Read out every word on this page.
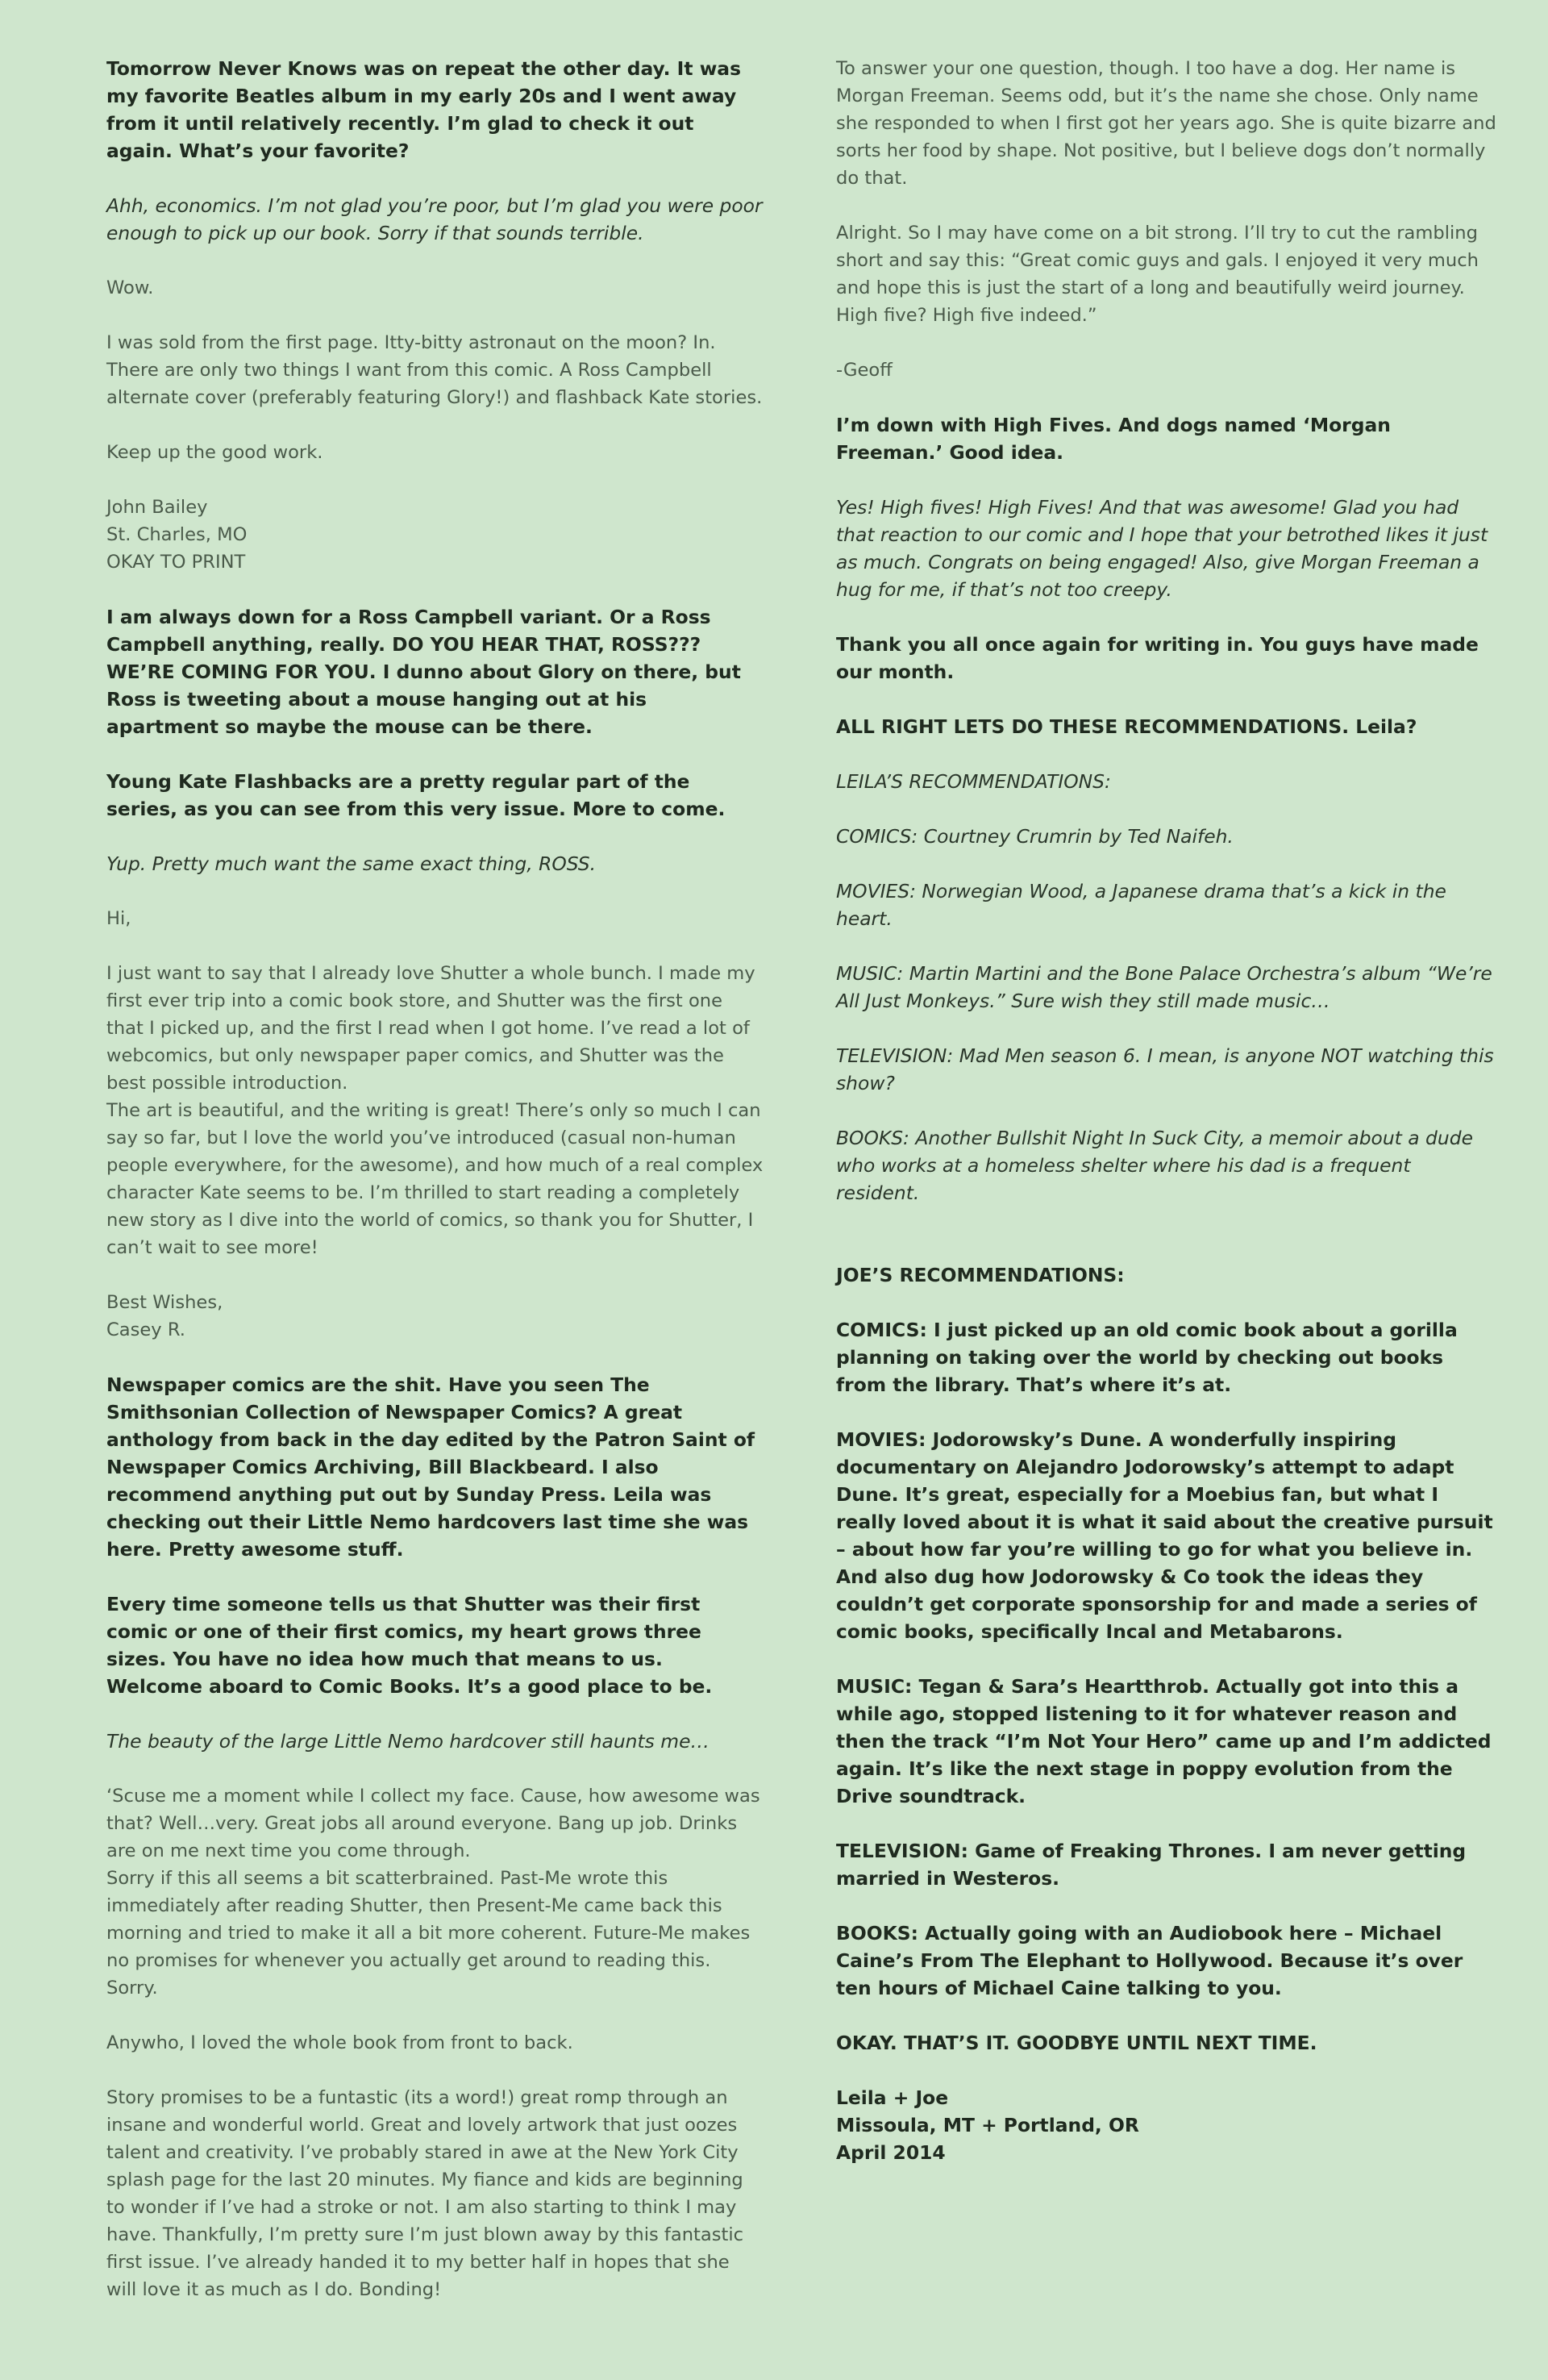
Tomorrow Never Knows was on repeat the other day. It was my favorite Beatles album in my early 20s and I went away from it until relatively recently. I’m glad to check it out again. What’s your favorite?

Ahh, economics. I’m not glad you’re poor, but I’m glad you were poor enough to pick up our book. Sorry if that sounds terrible.

Wow.

I was sold from the first page. Itty-bitty astronaut on the moon? In. There are only two things I want from this comic. A Ross Campbell alternate cover (preferably featuring Glory!) and flashback Kate stories.

Keep up the good work.

John Bailey

St. Charles, MO

OKAY TO PRINT

I am always down for a Ross Campbell variant. Or a Ross Campbell anything, really. DO YOU HEAR THAT, ROSS??? WE’RE COMING FOR YOU. I dunno about Glory on there, but Ross is tweeting about a mouse hanging out at his apartment so maybe the mouse can be there.

Young Kate Flashbacks are a pretty regular part of the series, as you can see from this very issue. More to come.

Yup. Pretty much want the same exact thing, ROSS.

Hi,

I just want to say that I already love Shutter a whole bunch. I made my first ever trip into a comic book store, and Shutter was the first one that I picked up, and the first I read when I got home. I’ve read a lot of webcomics, but only newspaper paper comics, and Shutter was the best possible introduction.

The art is beautiful, and the writing is great! There’s only so much I can say so far, but I love the world you’ve introduced (casual non-human people everywhere, for the awesome), and how much of a real complex character Kate seems to be. I’m thrilled to start reading a completely new story as I dive into the world of comics, so thank you for Shutter, I can’t wait to see more!

Best Wishes,

Casey R.

Newspaper comics are the shit. Have you seen The Smithsonian Collection of Newspaper Comics? A great anthology from back in the day edited by the Patron Saint of Newspaper Comics Archiving, Bill Blackbeard. I also recommend anything put out by Sunday Press. Leila was checking out their Little Nemo hardcovers last time she was here. Pretty awesome stuff.

Every time someone tells us that Shutter was their first comic or one of their first comics, my heart grows three sizes. You have no idea how much that means to us. Welcome aboard to Comic Books. It’s a good place to be.

The beauty of the large Little Nemo hardcover still haunts me…

‘Scuse me a moment while I collect my face. Cause, how awesome was that? Well…very. Great jobs all around everyone. Bang up job. Drinks are on me next time you come through.

Sorry if this all seems a bit scatterbrained. Past-Me wrote this immediately after reading Shutter, then Present-Me came back this morning and tried to make it all a bit more coherent. Future-Me makes no promises for whenever you actually get around to reading this. Sorry.

Anywho, I loved the whole book from front to back.

Story promises to be a funtastic (its a word!) great romp through an insane and wonderful world. Great and lovely artwork that just oozes talent and creativity. I’ve probably stared in awe at the New York City splash page for the last 20 minutes. My fiance and kids are beginning to wonder if I’ve had a stroke or not. I am also starting to think I may have. Thankfully, I’m pretty sure I’m just blown away by this fantastic first issue. I’ve already handed it to my better half in hopes that she will love it as much as I do. Bonding!

To answer your one question, though. I too have a dog. Her name is Morgan Freeman. Seems odd, but it’s the name she chose. Only name she responded to when I first got her years ago. She is quite bizarre and sorts her food by shape. Not positive, but I believe dogs don’t normally do that.

Alright. So I may have come on a bit strong. I’ll try to cut the rambling short and say this: “Great comic guys and gals. I enjoyed it very much and hope this is just the start of a long and beautifully weird journey. High five? High five indeed.”

-Geoff

I’m down with High Fives. And dogs named ‘Morgan Freeman.’ Good idea.

Yes! High fives! High Fives! And that was awesome! Glad you had that reaction to our comic and I hope that your betrothed likes it just as much. Congrats on being engaged! Also, give Morgan Freeman a hug for me, if that’s not too creepy.

Thank you all once again for writing in. You guys have made our month.

ALL RIGHT LETS DO THESE RECOMMENDATIONS. Leila?

LEILA’S RECOMMENDATIONS:

COMICS: Courtney Crumrin by Ted Naifeh.

MOVIES: Norwegian Wood, a Japanese drama that’s a kick in the heart.

MUSIC: Martin Martini and the Bone Palace Orchestra’s album “We’re All Just Monkeys.” Sure wish they still made music…

TELEVISION: Mad Men season 6. I mean, is anyone NOT watching this show?

BOOKS: Another Bullshit Night In Suck City, a memoir about a dude who works at a homeless shelter where his dad is a frequent resident.

JOE’S RECOMMENDATIONS:

COMICS: I just picked up an old comic book about a gorilla planning on taking over the world by checking out books from the library. That’s where it’s at.

MOVIES: Jodorowsky’s Dune. A wonderfully inspiring documentary on Alejandro Jodorowsky’s attempt to adapt Dune. It’s great, especially for a Moebius fan, but what I really loved about it is what it said about the creative pursuit – about how far you’re willing to go for what you believe in. And also dug how Jodorowsky & Co took the ideas they couldn’t get corporate sponsorship for and made a series of comic books, specifically Incal and Metabarons.

MUSIC: Tegan & Sara’s Heartthrob. Actually got into this a while ago, stopped listening to it for whatever reason and then the track “I’m Not Your Hero” came up and I’m addicted again. It’s like the next stage in poppy evolution from the Drive soundtrack.

TELEVISION: Game of Freaking Thrones. I am never getting married in Westeros.

BOOKS: Actually going with an Audiobook here – Michael Caine’s From The Elephant to Hollywood. Because it’s over ten hours of Michael Caine talking to you.

OKAY. THAT’S IT. GOODBYE UNTIL NEXT TIME.

Leila + Joe

Missoula, MT + Portland, OR

April 2014
